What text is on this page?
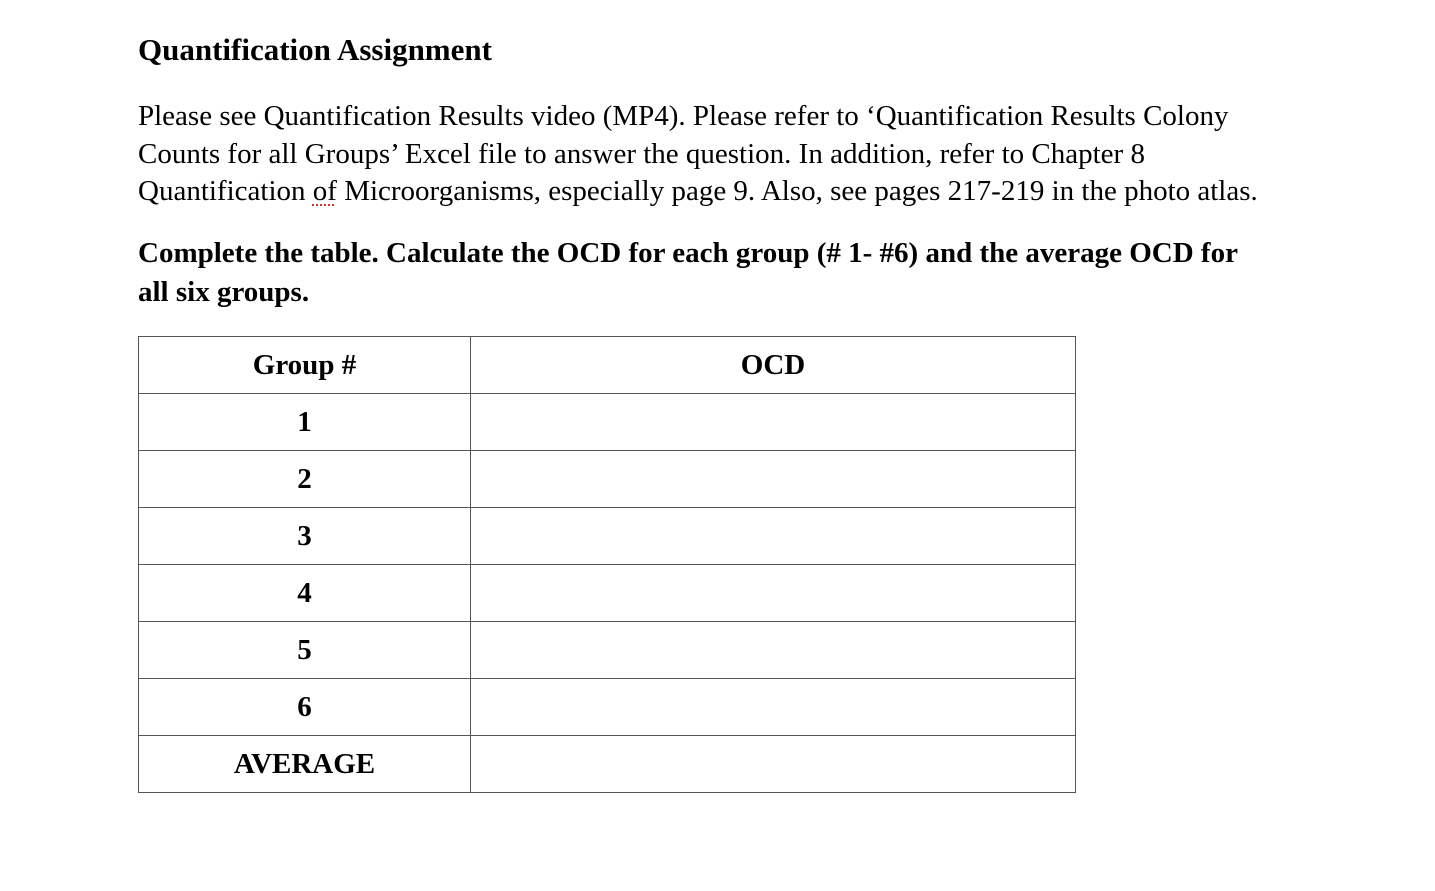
Quantification Assignment

Please see Quantification Results video (MP4). Please refer to ‘Quantification Results Colony
Counts for all Groups’ Excel file to answer the question. In addition, refer to Chapter 8
Quantification of Microorganisms, especially page 9. Also, see pages 217-219 in the photo atlas.

Complete the table. Calculate the OCD for each group (# 1- #6) and the average OCD for
all six groups.

Group #	OCD
1	
2	
3	
4	
5	
6	
AVERAGE	
